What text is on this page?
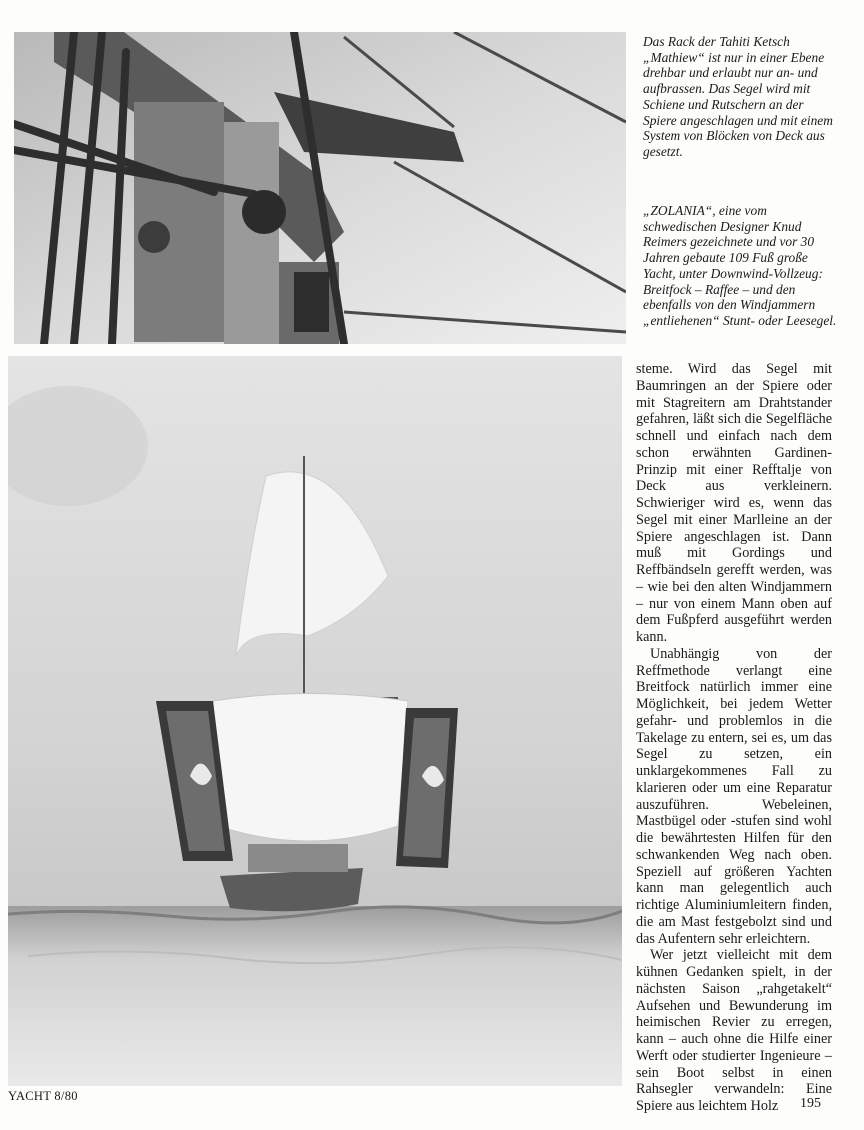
Das Rack der Tahiti Ketsch „Mathiew“ ist nur in einer Ebene drehbar und erlaubt nur an- und aufbrassen. Das Segel wird mit Schiene und Rutschern an der Spiere angeschlagen und mit einem System von Blöcken von Deck aus gesetzt.

„ZOLANIA“, eine vom schwedischen Designer Knud Reimers gezeichnete und vor 30 Jahren gebaute 109 Fuß große Yacht, unter Downwind-Vollzeug: Breitfock – Raffee – und den ebenfalls von den Windjammern „entliehenen“ Stunt- oder Leesegel.

steme. Wird das Segel mit Baumringen an der Spiere oder mit Stagreitern am Drahtstander gefahren, läßt sich die Segelfläche schnell und einfach nach dem schon erwähnten Gardinen-Prinzip mit einer Refftalje von Deck aus verkleinern. Schwieriger wird es, wenn das Segel mit einer Marlleine an der Spiere angeschlagen ist. Dann muß mit Gordings und Reffbändseln gerefft werden, was – wie bei den alten Windjammern – nur von einem Mann oben auf dem Fußpferd ausgeführt werden kann.

Unabhängig von der Reffmethode verlangt eine Breitfock natürlich immer eine Möglichkeit, bei jedem Wetter gefahr- und problemlos in die Takelage zu entern, sei es, um das Segel zu setzen, ein unklargekommenes Fall zu klarieren oder um eine Reparatur auszuführen. Webeleinen, Mastbügel oder -stufen sind wohl die bewährtesten Hilfen für den schwankenden Weg nach oben. Speziell auf größeren Yachten kann man gelegentlich auch richtige Aluminiumleitern finden, die am Mast festgebolzt sind und das Aufentern sehr erleichtern.

Wer jetzt vielleicht mit dem kühnen Gedanken spielt, in der nächsten Saison „rahgetakelt“ Aufsehen und Bewunderung im heimischen Revier zu erregen, kann – auch ohne die Hilfe einer Werft oder studierter Ingenieure – sein Boot selbst in einen Rahsegler verwandeln: Eine Spiere aus leichtem Holz

YACHT 8/80	195
